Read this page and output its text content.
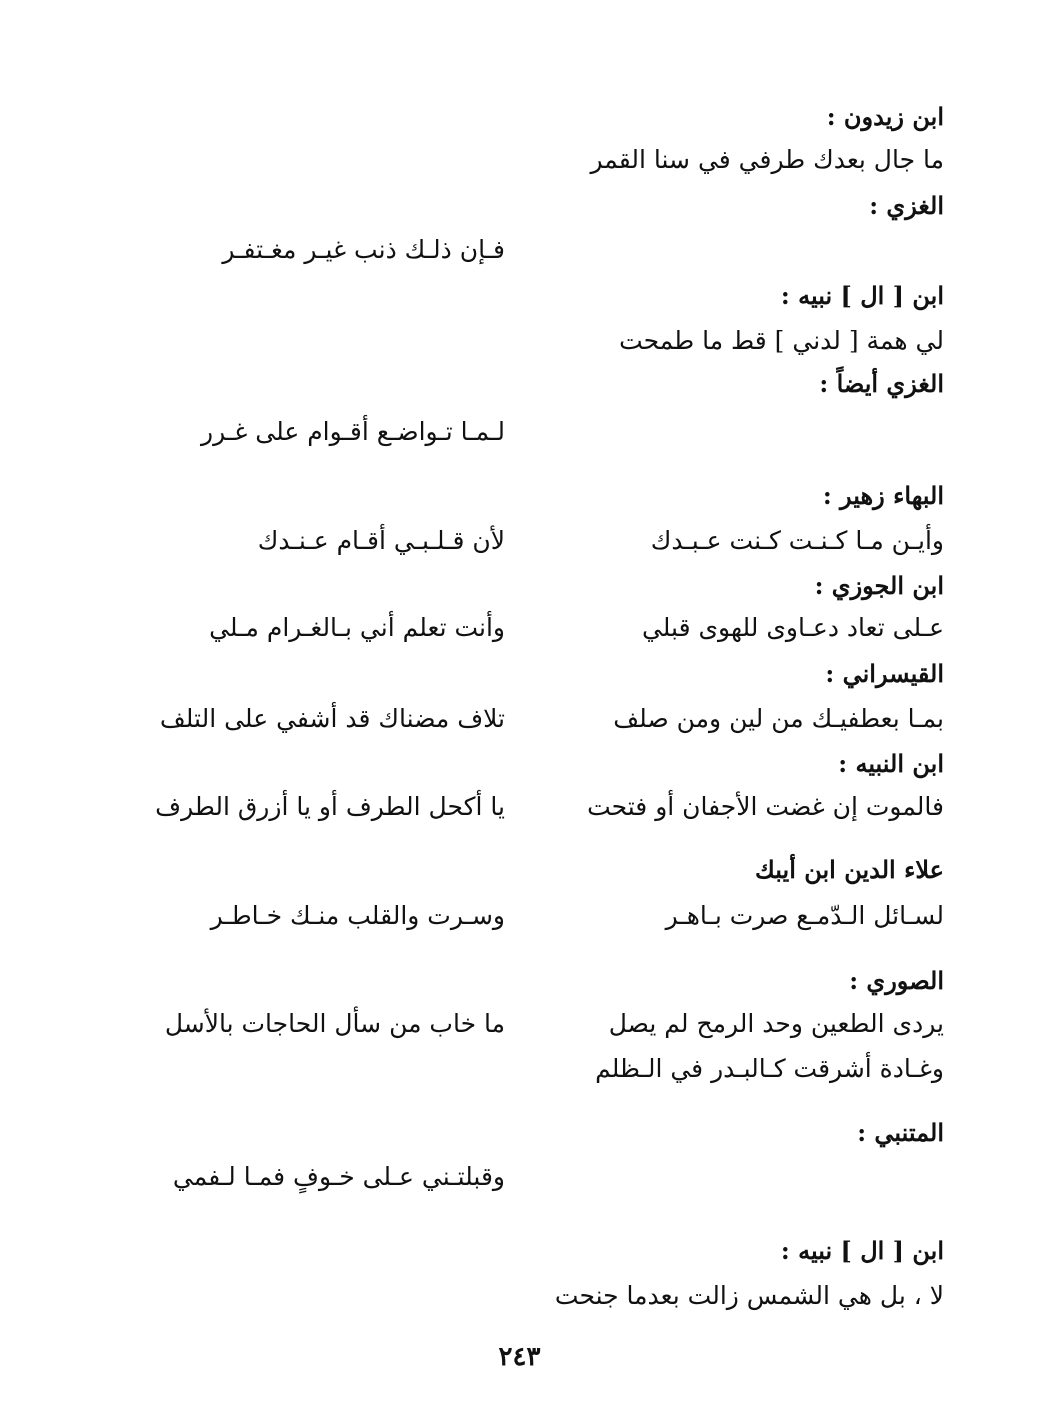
ابن زيدون :
ما جال بعدك طرفي في سنا القمر
الغزي :
فـإن ذلـك ذنب غيـر مغـتفـر
ابن [ ال ] نبيه :
لي همة [ لدني ] قط ما طمحت
الغزي أيضاً :
لـمـا تـواضـع أقـوام على غـرر
البهاء زهير :
وأيـن مـا كـنـت كـنت عـبـدك
لأن قـلـبـي أقـام عـنـدك
ابن الجوزي :
عـلى تعاد دعـاوى للهوى قبلي
وأنت تعلم أني بـالغـرام مـلي
القيسراني :
بمـا بعطفيـك من لين ومن صلف
تلاف مضناك قد أشفي على التلف
ابن النبيه :
فالموت إن غضت الأجفان أو فتحت
يا أكحل الطرف أو يا أزرق الطرف
علاء الدين ابن أيبك
لسـائل الـدّمـع صرت بـاهـر
وسـرت والقلب منـك خـاطـر
الصوري :
يردى الطعين وحد الرمح لم يصل
ما خاب من سأل الحاجات بالأسل
وغـادة أشرقت كـالبـدر في الـظلم
المتنبي :
وقبلتـني عـلى خـوفٍ فمـا لـفمي
ابن [ ال ] نبيه :
لا ، بل هي الشمس زالت بعدما جنحت
٢٤٣
